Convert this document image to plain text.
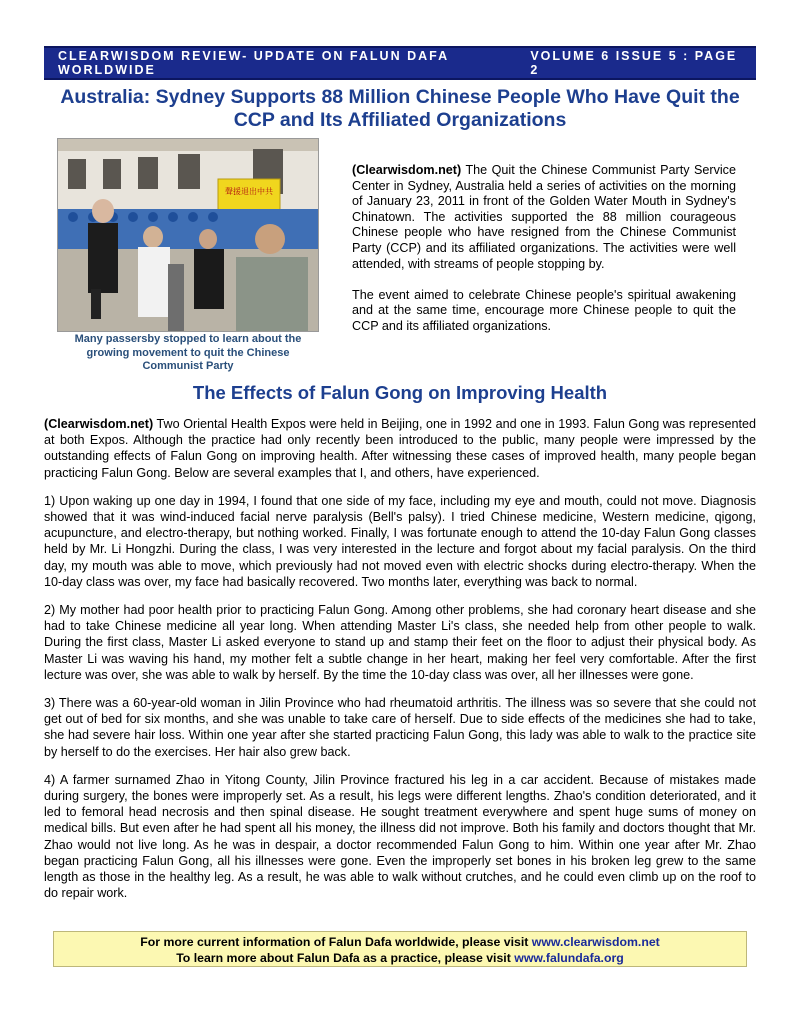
CLEARWISDOM REVIEW- UPDATE ON FALUN DAFA WORLDWIDE
VOLUME 6 ISSUE 5 : PAGE 2
Australia: Sydney Supports 88 Million Chinese People Who Have Quit the CCP and Its Affiliated Organizations
聲援退出中共
Many passersby stopped to learn about the growing movement to quit the Chinese Communist Party

(Clearwisdom.net) The Quit the Chinese Communist Party Service Center in Sydney, Australia held a series of activities on the morning of January 23, 2011 in front of the Golden Water Mouth in Sydney's Chinatown. The activities supported the 88 million courageous Chinese people who have resigned from the Chinese Communist Party (CCP) and its affiliated organizations. The activities were well attended, with streams of people stopping by.

The event aimed to celebrate Chinese people's spiritual awakening and at the same time, encourage more Chinese people to quit the CCP and its affiliated organizations.

The Effects of Falun Gong on Improving Health

(Clearwisdom.net) Two Oriental Health Expos were held in Beijing, one in 1992 and one in 1993. Falun Gong was represented at both Expos. Although the practice had only recently been introduced to the public, many people were impressed by the outstanding effects of Falun Gong on improving health. After witnessing these cases of improved health, many people began practicing Falun Gong. Below are several examples that I, and others, have experienced.

1) Upon waking up one day in 1994, I found that one side of my face, including my eye and mouth, could not move. Diagnosis showed that it was wind-induced facial nerve paralysis (Bell's palsy). I tried Chinese medicine, Western medicine, qigong, acupuncture, and electro-therapy, but nothing worked. Finally, I was fortunate enough to attend the 10-day Falun Gong classes held by Mr. Li Hongzhi. During the class, I was very interested in the lecture and forgot about my facial paralysis. On the third day, my mouth was able to move, which previously had not moved even with electric shocks during electro-therapy. When the 10-day class was over, my face had basically recovered. Two months later, everything was back to normal.

2) My mother had poor health prior to practicing Falun Gong. Among other problems, she had coronary heart disease and she had to take Chinese medicine all year long. When attending Master Li's class, she needed help from other people to walk. During the first class, Master Li asked everyone to stand up and stamp their feet on the floor to adjust their physical body. As Master Li was waving his hand, my mother felt a subtle change in her heart, making her feel very comfortable. After the first lecture was over, she was able to walk by herself. By the time the 10-day class was over, all her illnesses were gone.

3) There was a 60-year-old woman in Jilin Province who had rheumatoid arthritis. The illness was so severe that she could not get out of bed for six months, and she was unable to take care of herself. Due to side effects of the medicines she had to take, she had severe hair loss. Within one year after she started practicing Falun Gong, this lady was able to walk to the practice site by herself to do the exercises. Her hair also grew back.

4) A farmer surnamed Zhao in Yitong County, Jilin Province fractured his leg in a car accident. Because of mistakes made during surgery, the bones were improperly set. As a result, his legs were different lengths. Zhao's condition deteriorated, and it led to femoral head necrosis and then spinal disease. He sought treatment everywhere and spent huge sums of money on medical bills. But even after he had spent all his money, the illness did not improve. Both his family and doctors thought that Mr. Zhao would not live long. As he was in despair, a doctor recommended Falun Gong to him. Within one year after Mr. Zhao began practicing Falun Gong, all his illnesses were gone. Even the improperly set bones in his broken leg grew to the same length as those in the healthy leg. As a result, he was able to walk without crutches, and he could even climb up on the roof to do repair work.

For more current information of Falun Dafa worldwide, please visit www.clearwisdom.net
To learn more about Falun Dafa as a practice, please visit www.falundafa.org
